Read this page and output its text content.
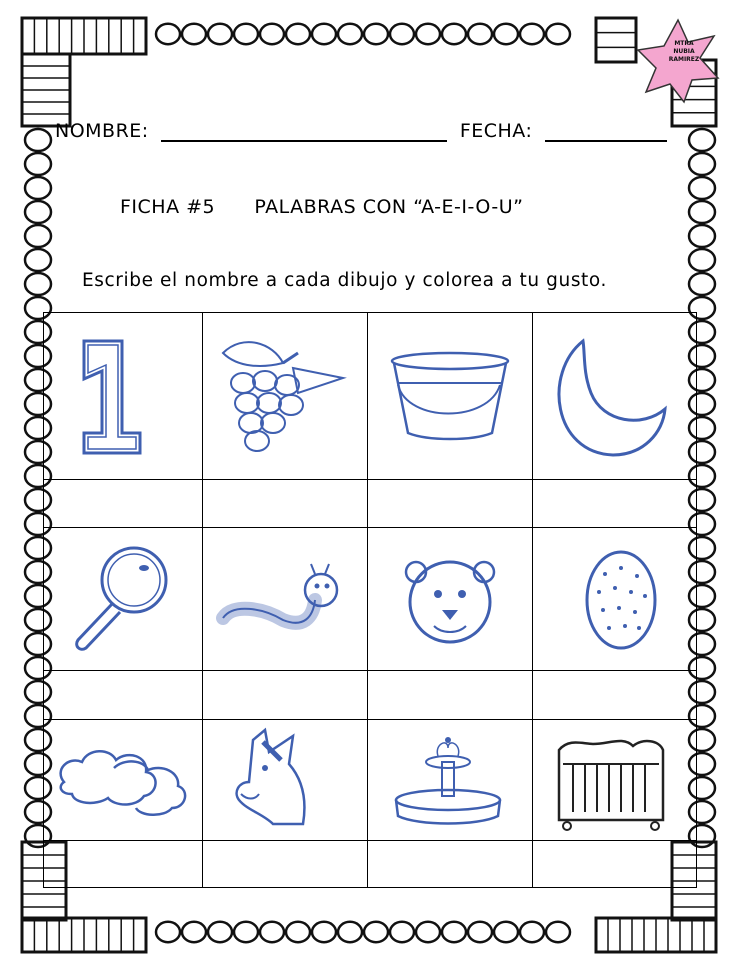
NOMBRE:	FECHA:
FICHA #5 PALABRAS CON “A-E-I-O-U”
Escribe el nombre a cada dibujo y colorea a tu gusto.
MTRA
NUBIA
RAMIREZ
